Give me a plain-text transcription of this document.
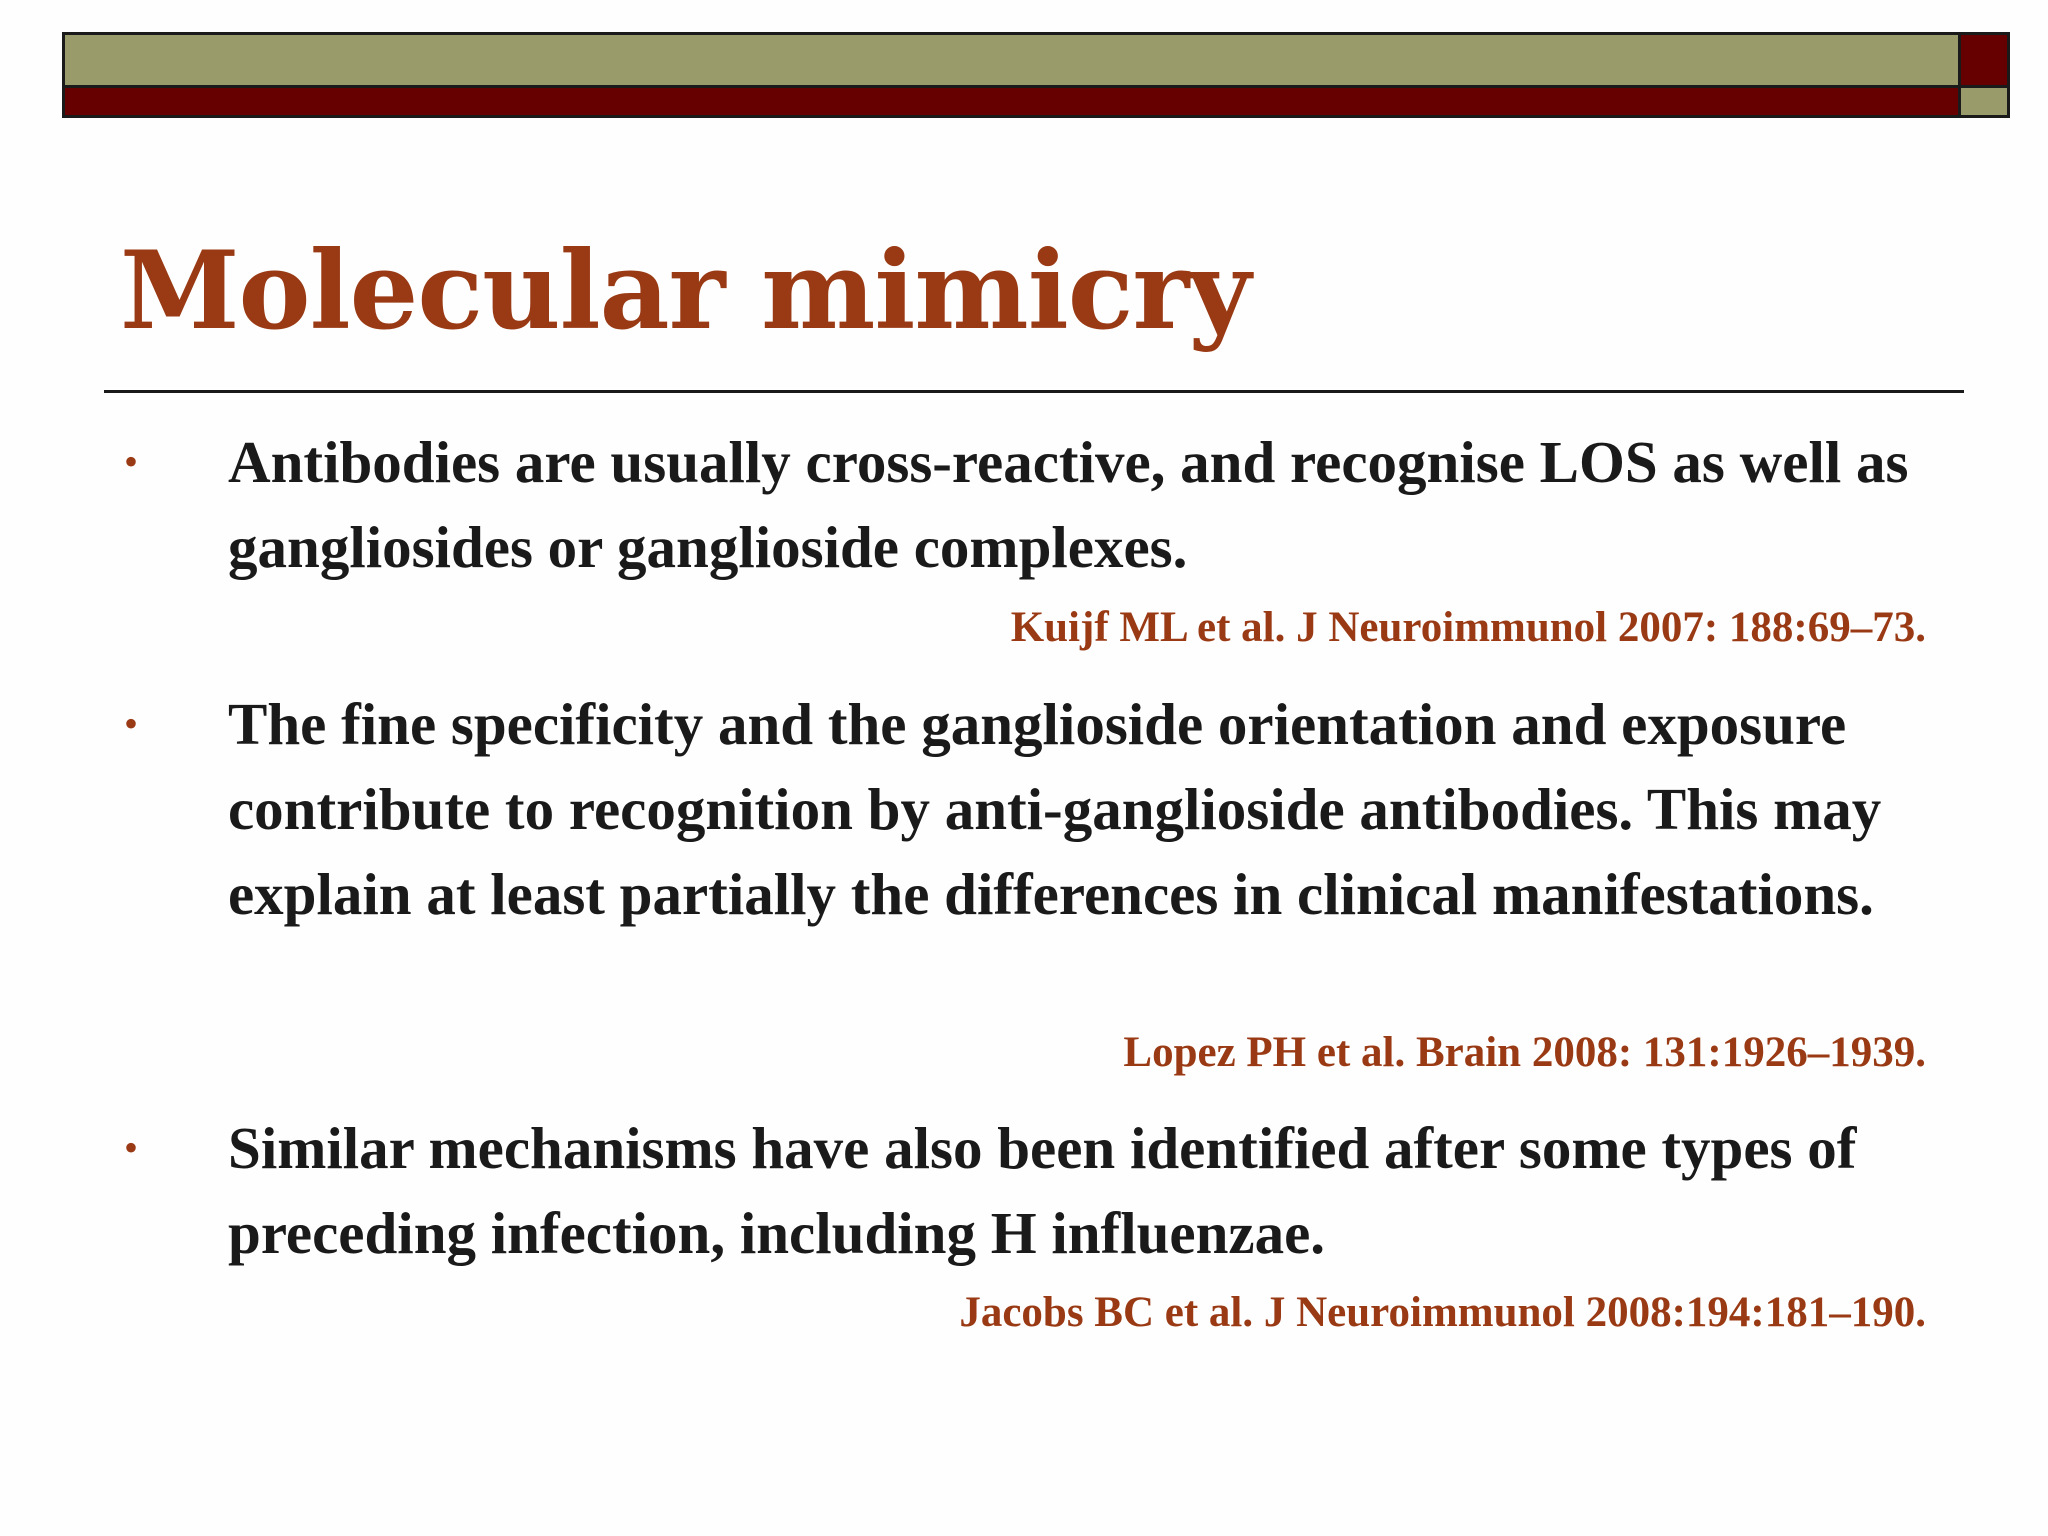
Molecular mimicry
• Antibodies are usually cross-reactive, and recognise LOS as well as gangliosides or ganglioside complexes.

Kuijf ML et al. J Neuroimmunol 2007: 188:69–73.

• The fine specificity and the ganglioside orientation and exposure contribute to recognition by anti-ganglioside antibodies. This may explain at least partially the differences in clinical manifestations.

Lopez PH et al. Brain 2008: 131:1926–1939.

• Similar mechanisms have also been identified after some types of preceding infection, including H influenzae.

Jacobs BC et al. J Neuroimmunol 2008:194:181–190.
